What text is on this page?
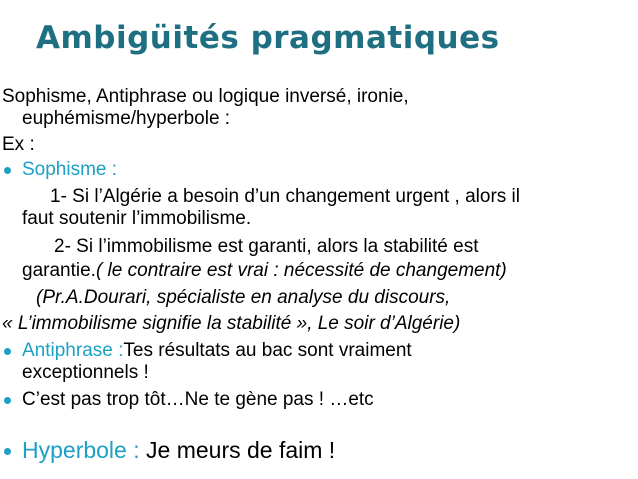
Ambigüités pragmatiques
Sophisme, Antiphrase ou logique inversé, ironie,
euphémisme/hyperbole :
Ex :
Sophisme :
1- Si l’Algérie a besoin d’un changement urgent , alors il
faut soutenir l’immobilisme.
2- Si l’immobilisme est garanti, alors la stabilité est
garantie.( le contraire est vrai : nécessité de changement)
(Pr.A.Dourari, spécialiste en analyse du discours,
« L’immobilisme signifie la stabilité », Le soir d’Algérie)
Antiphrase :Tes résultats au bac sont vraiment
exceptionnels !
C’est pas trop tôt…Ne te gène pas ! …etc
Hyperbole : Je meurs de faim !
